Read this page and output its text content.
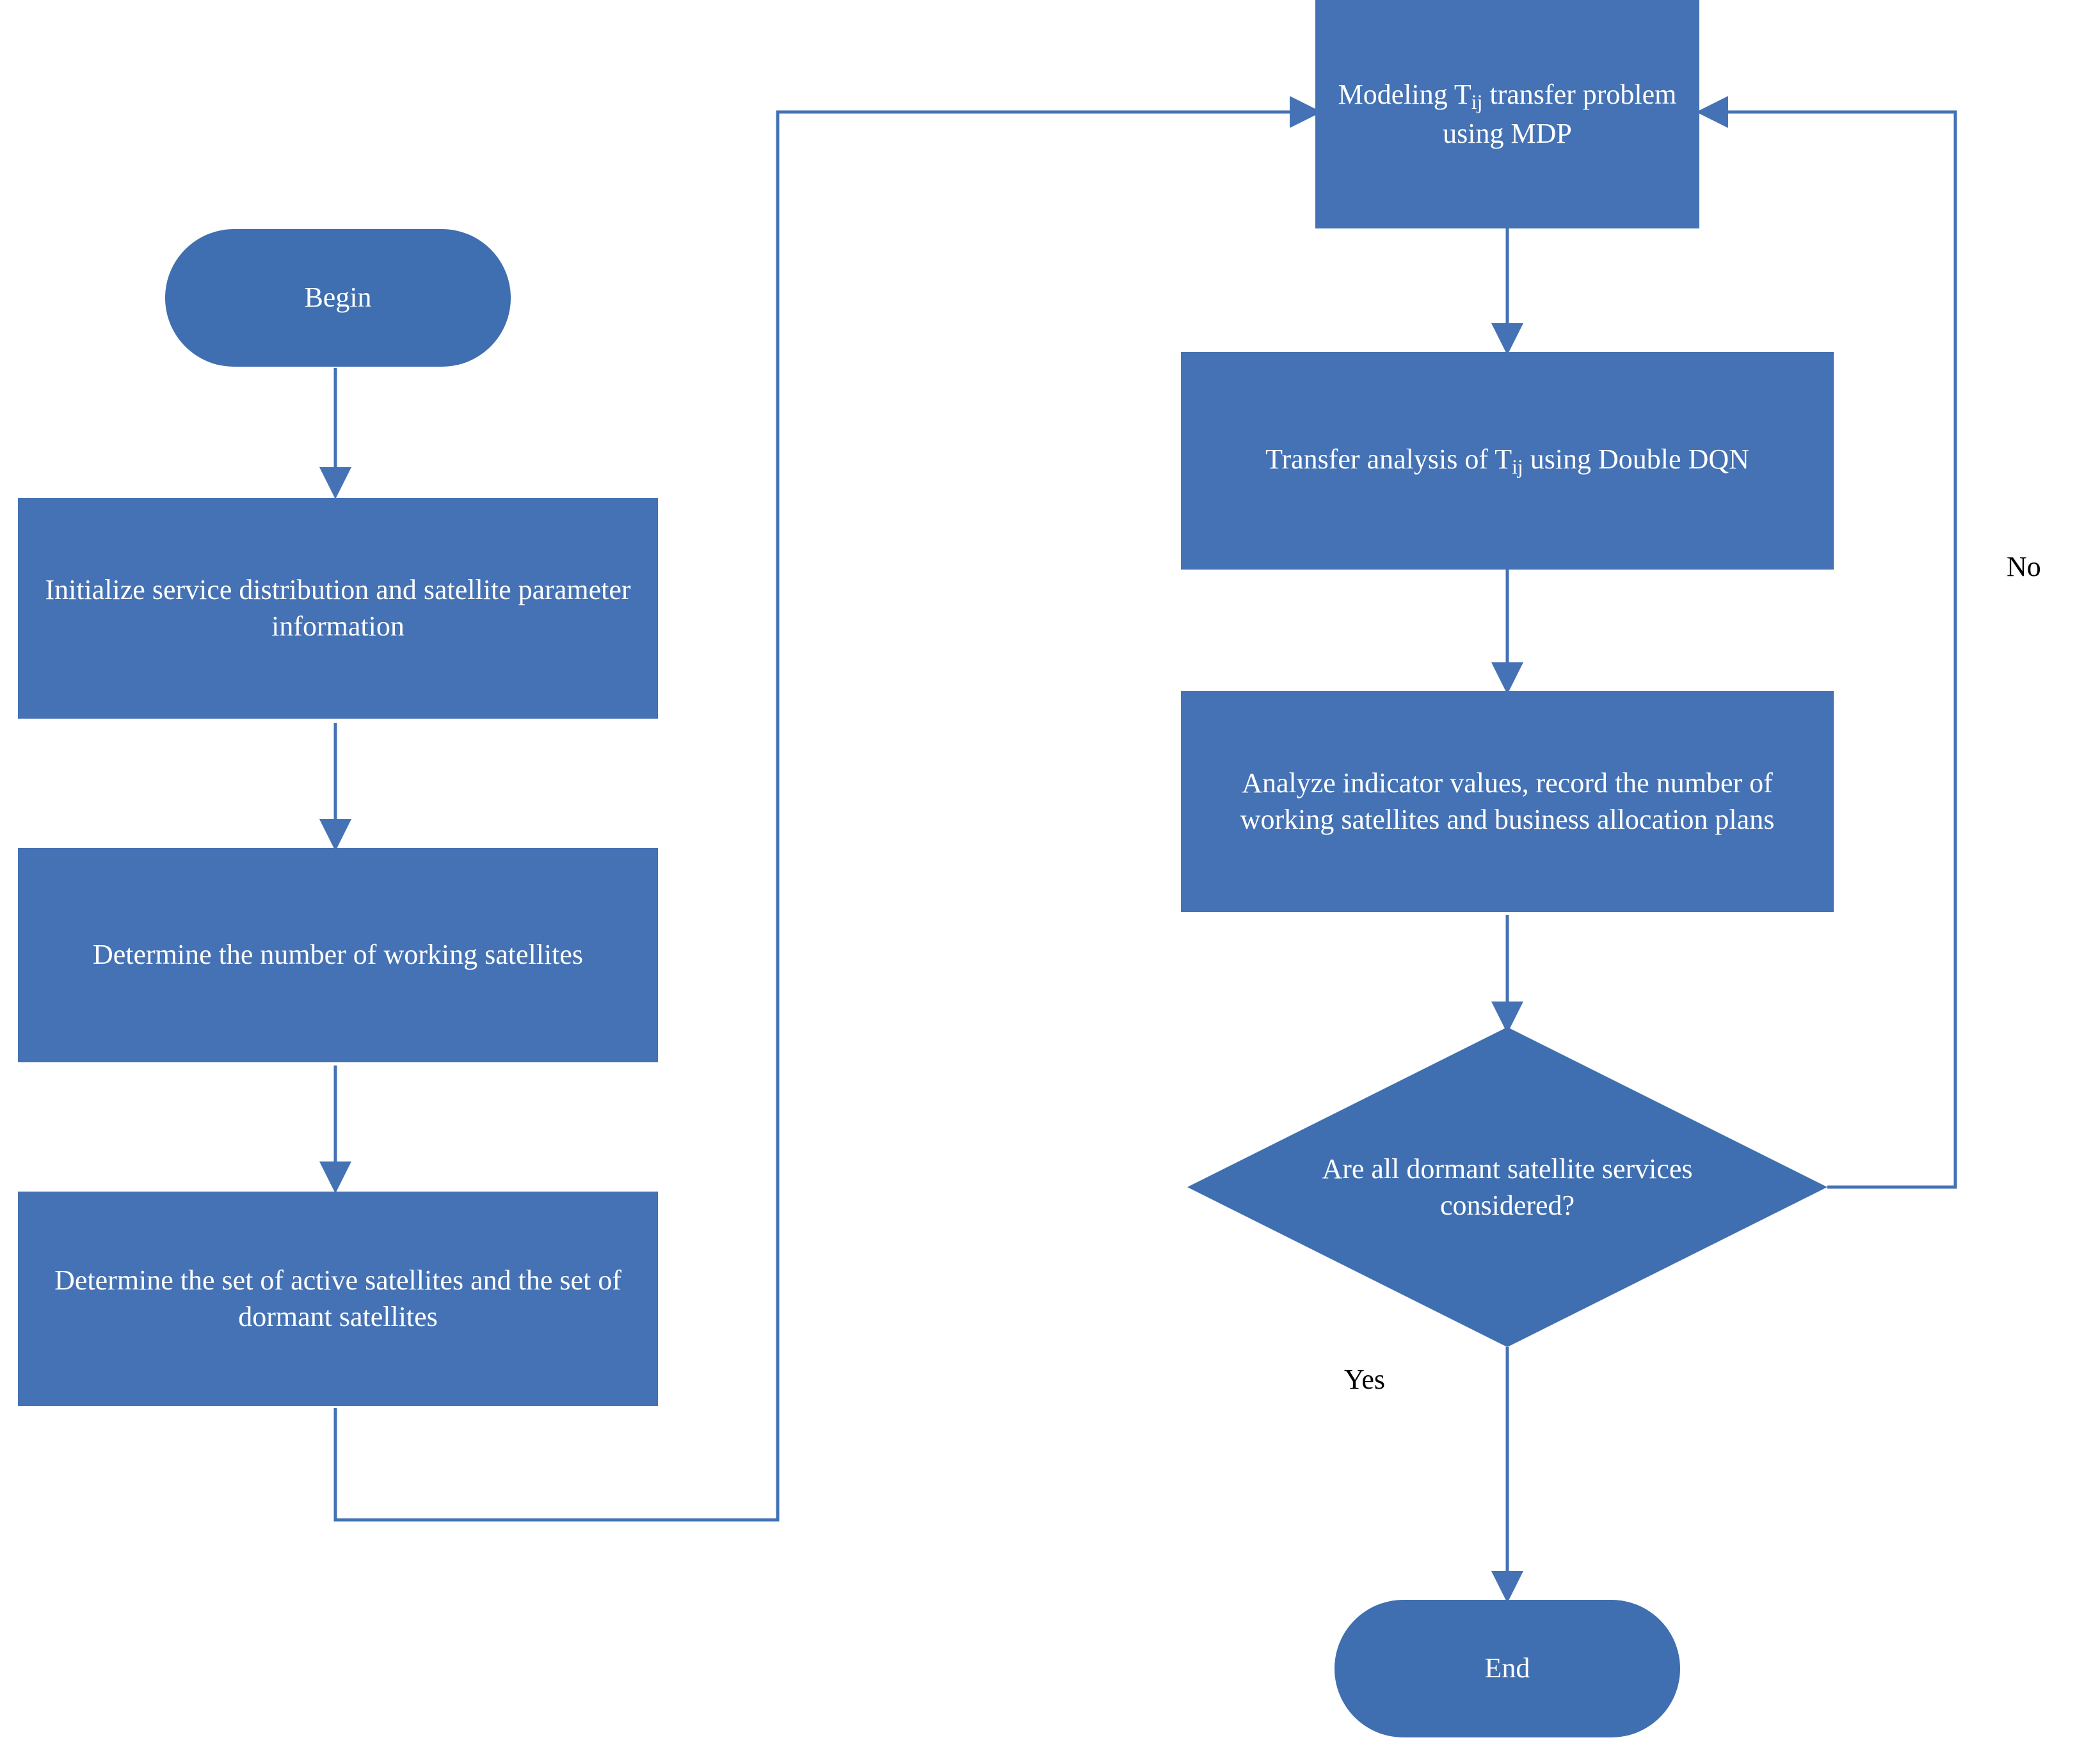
Begin
Initialize service distribution and satellite parameter information
Determine the number of working satellites
Determine the set of active satellites and the set of dormant satellites
Modeling $T_{ij}$ transfer problem using MDP
Transfer analysis of $T_{ij}$ using Double DQN
Analyze indicator values, record the number of working satellites and business allocation plans
Are all dormant satellite services considered?
End
No
Yes
